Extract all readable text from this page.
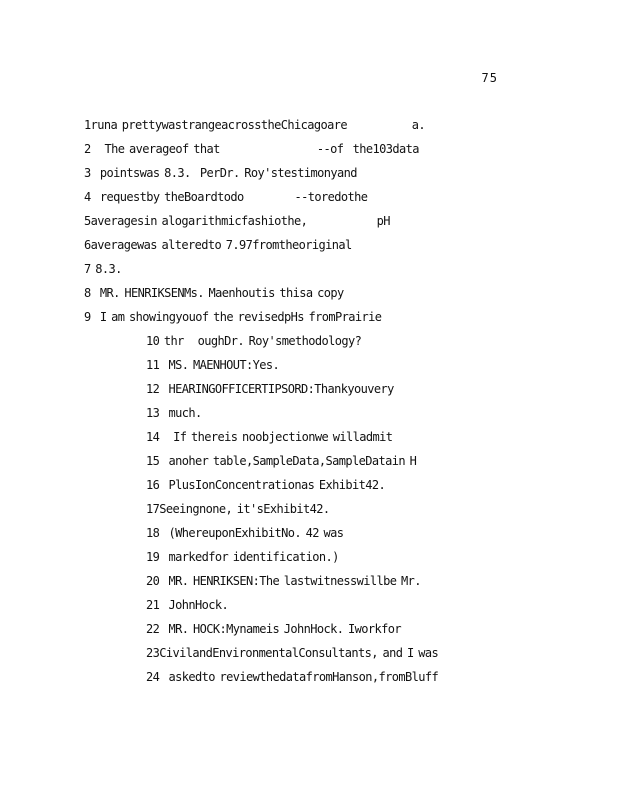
75
1runa prettywastrangeacrosstheChicagoare              a.
2   The averageof that                     --of  the103data
3  pointswas 8.3.  PerDr. Roy'stestimonyand
4  requestby theBoardtodo           --toredothe
5averagesin alogarithmicfashiothe,               pH
6averagewas alteredto 7.97fromtheoriginal
7 8.3.
8  MR. HENRIKSENMs. Maenhoutis thisa copy
9  I am showingyouof the revisedpHs fromPrairie
10 thr   oughDr. Roy'smethodology?
11  MS. MAENHOUT:Yes.
12  HEARINGOFFICERTIPSORD:Thankyouvery
13  much.
14   If thereis noobjectionwe willadmit
15  anoher table,SampleData,SampleDatain H
16  PlusIonConcentrationas Exhibit42.
17Seeingnone, it'sExhibit42.
18  (WhereuponExhibitNo. 42 was
19  markedfor identification.)
20  MR. HENRIKSEN:The lastwitnesswillbe Mr.
21  JohnHock.
22  MR. HOCK:Mynameis JohnHock. Iworkfor
23CivilandEnvironmentalConsultants, and I was
24  askedto reviewthedatafromHanson,fromBluff
